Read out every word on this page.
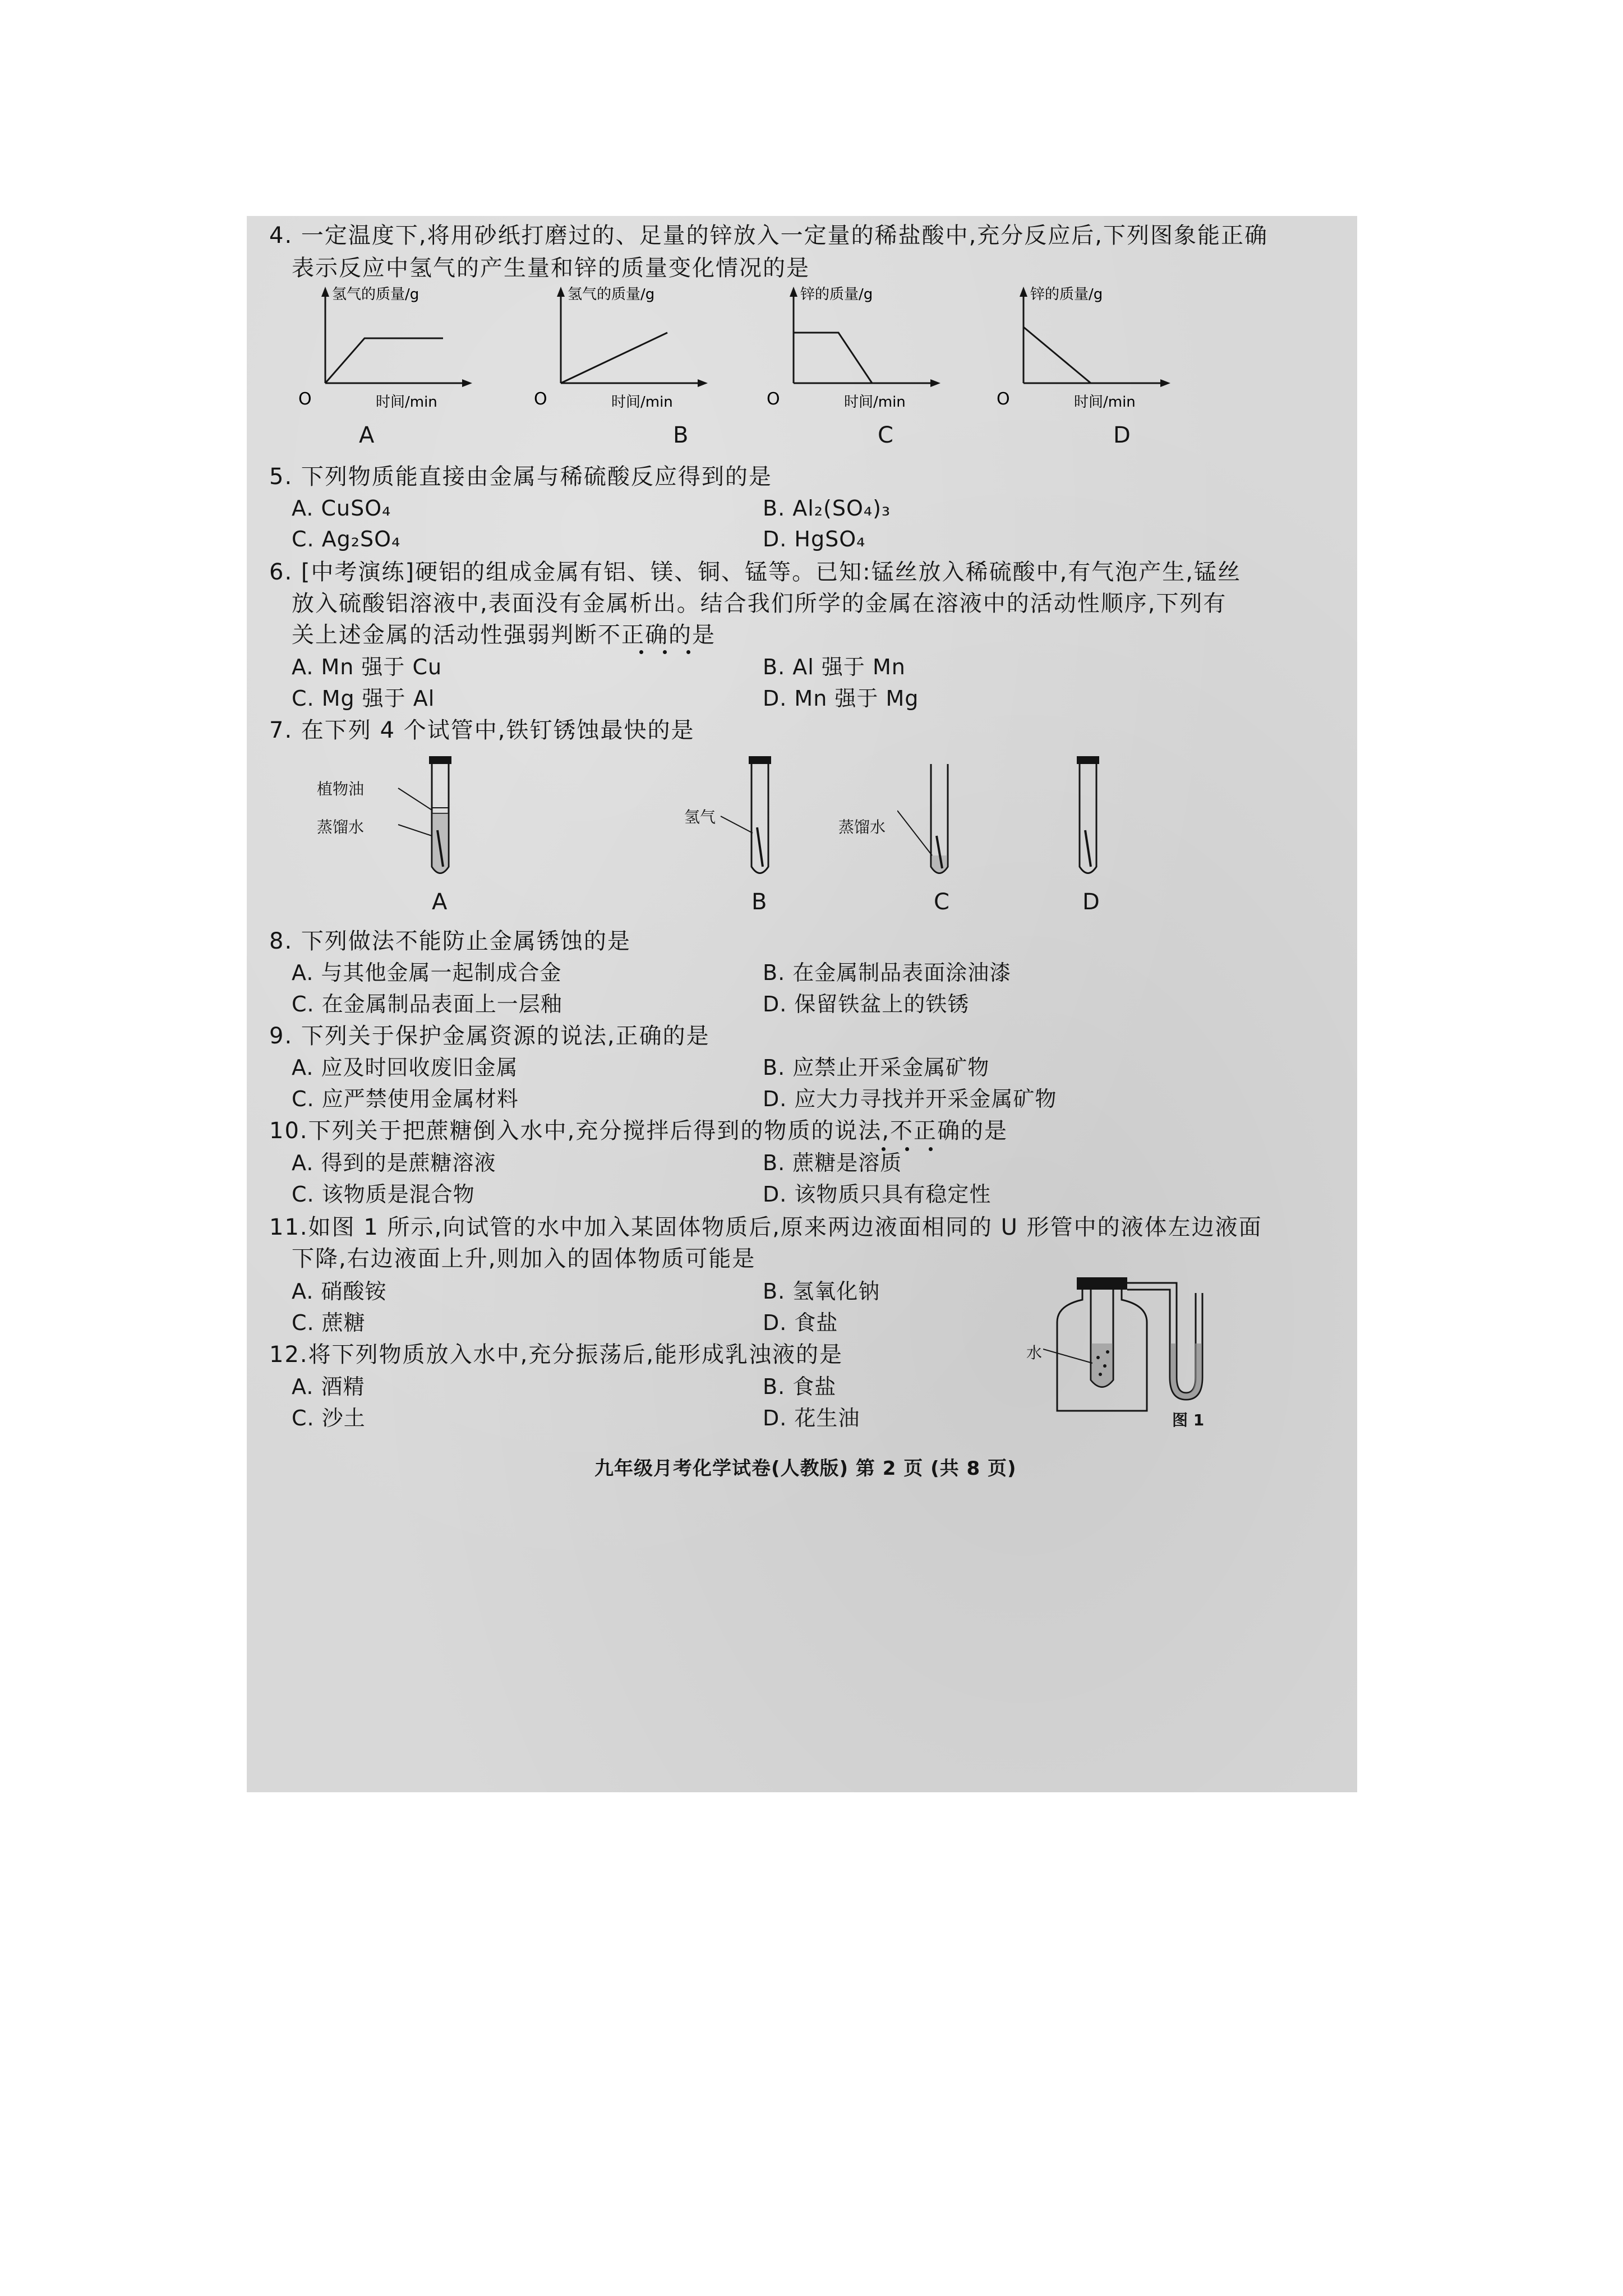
4. 一定温度下,将用砂纸打磨过的、足量的锌放入一定量的稀盐酸中,充分反应后,下列图象能正确
表示反应中氢气的产生量和锌的质量变化情况的是
氢气的质量/g
O	时间/min
A
氢气的质量/g
O	时间/min
B
锌的质量/g
O	时间/min
C
锌的质量/g
O	时间/min
D
5. 下列物质能直接由金属与稀硫酸反应得到的是
A. CuSO₄	B. Al₂(SO₄)₃
C. Ag₂SO₄	D. HgSO₄
6. [中考演练]硬铝的组成金属有铝、镁、铜、锰等。已知:锰丝放入稀硫酸中,有气泡产生,锰丝
放入硫酸铝溶液中,表面没有金属析出。结合我们所学的金属在溶液中的活动性顺序,下列有
关上述金属的活动性强弱判断不正确的是
A. Mn 强于 Cu	B. Al 强于 Mn
C. Mg 强于 Al	D. Mn 强于 Mg
7. 在下列 4 个试管中,铁钉锈蚀最快的是
植物油
蒸馏水
A
氢气
B
蒸馏水
C	D
8. 下列做法不能防止金属锈蚀的是
A. 与其他金属一起制成合金	B. 在金属制品表面涂油漆
C. 在金属制品表面上一层釉	D. 保留铁盆上的铁锈
9. 下列关于保护金属资源的说法,正确的是
A. 应及时回收废旧金属	B. 应禁止开采金属矿物
C. 应严禁使用金属材料	D. 应大力寻找并开采金属矿物
10.下列关于把蔗糖倒入水中,充分搅拌后得到的物质的说法,不正确的是
A. 得到的是蔗糖溶液	B. 蔗糖是溶质
C. 该物质是混合物	D. 该物质只具有稳定性
11.如图 1 所示,向试管的水中加入某固体物质后,原来两边液面相同的 U 形管中的液体左边液面
下降,右边液面上升,则加入的固体物质可能是
A. 硝酸铵	B. 氢氧化钠
C. 蔗糖	D. 食盐
水
图 1
12.将下列物质放入水中,充分振荡后,能形成乳浊液的是
A. 酒精	B. 食盐
C. 沙土	D. 花生油
九年级月考化学试卷(人教版) 第 2 页 (共 8 页)
